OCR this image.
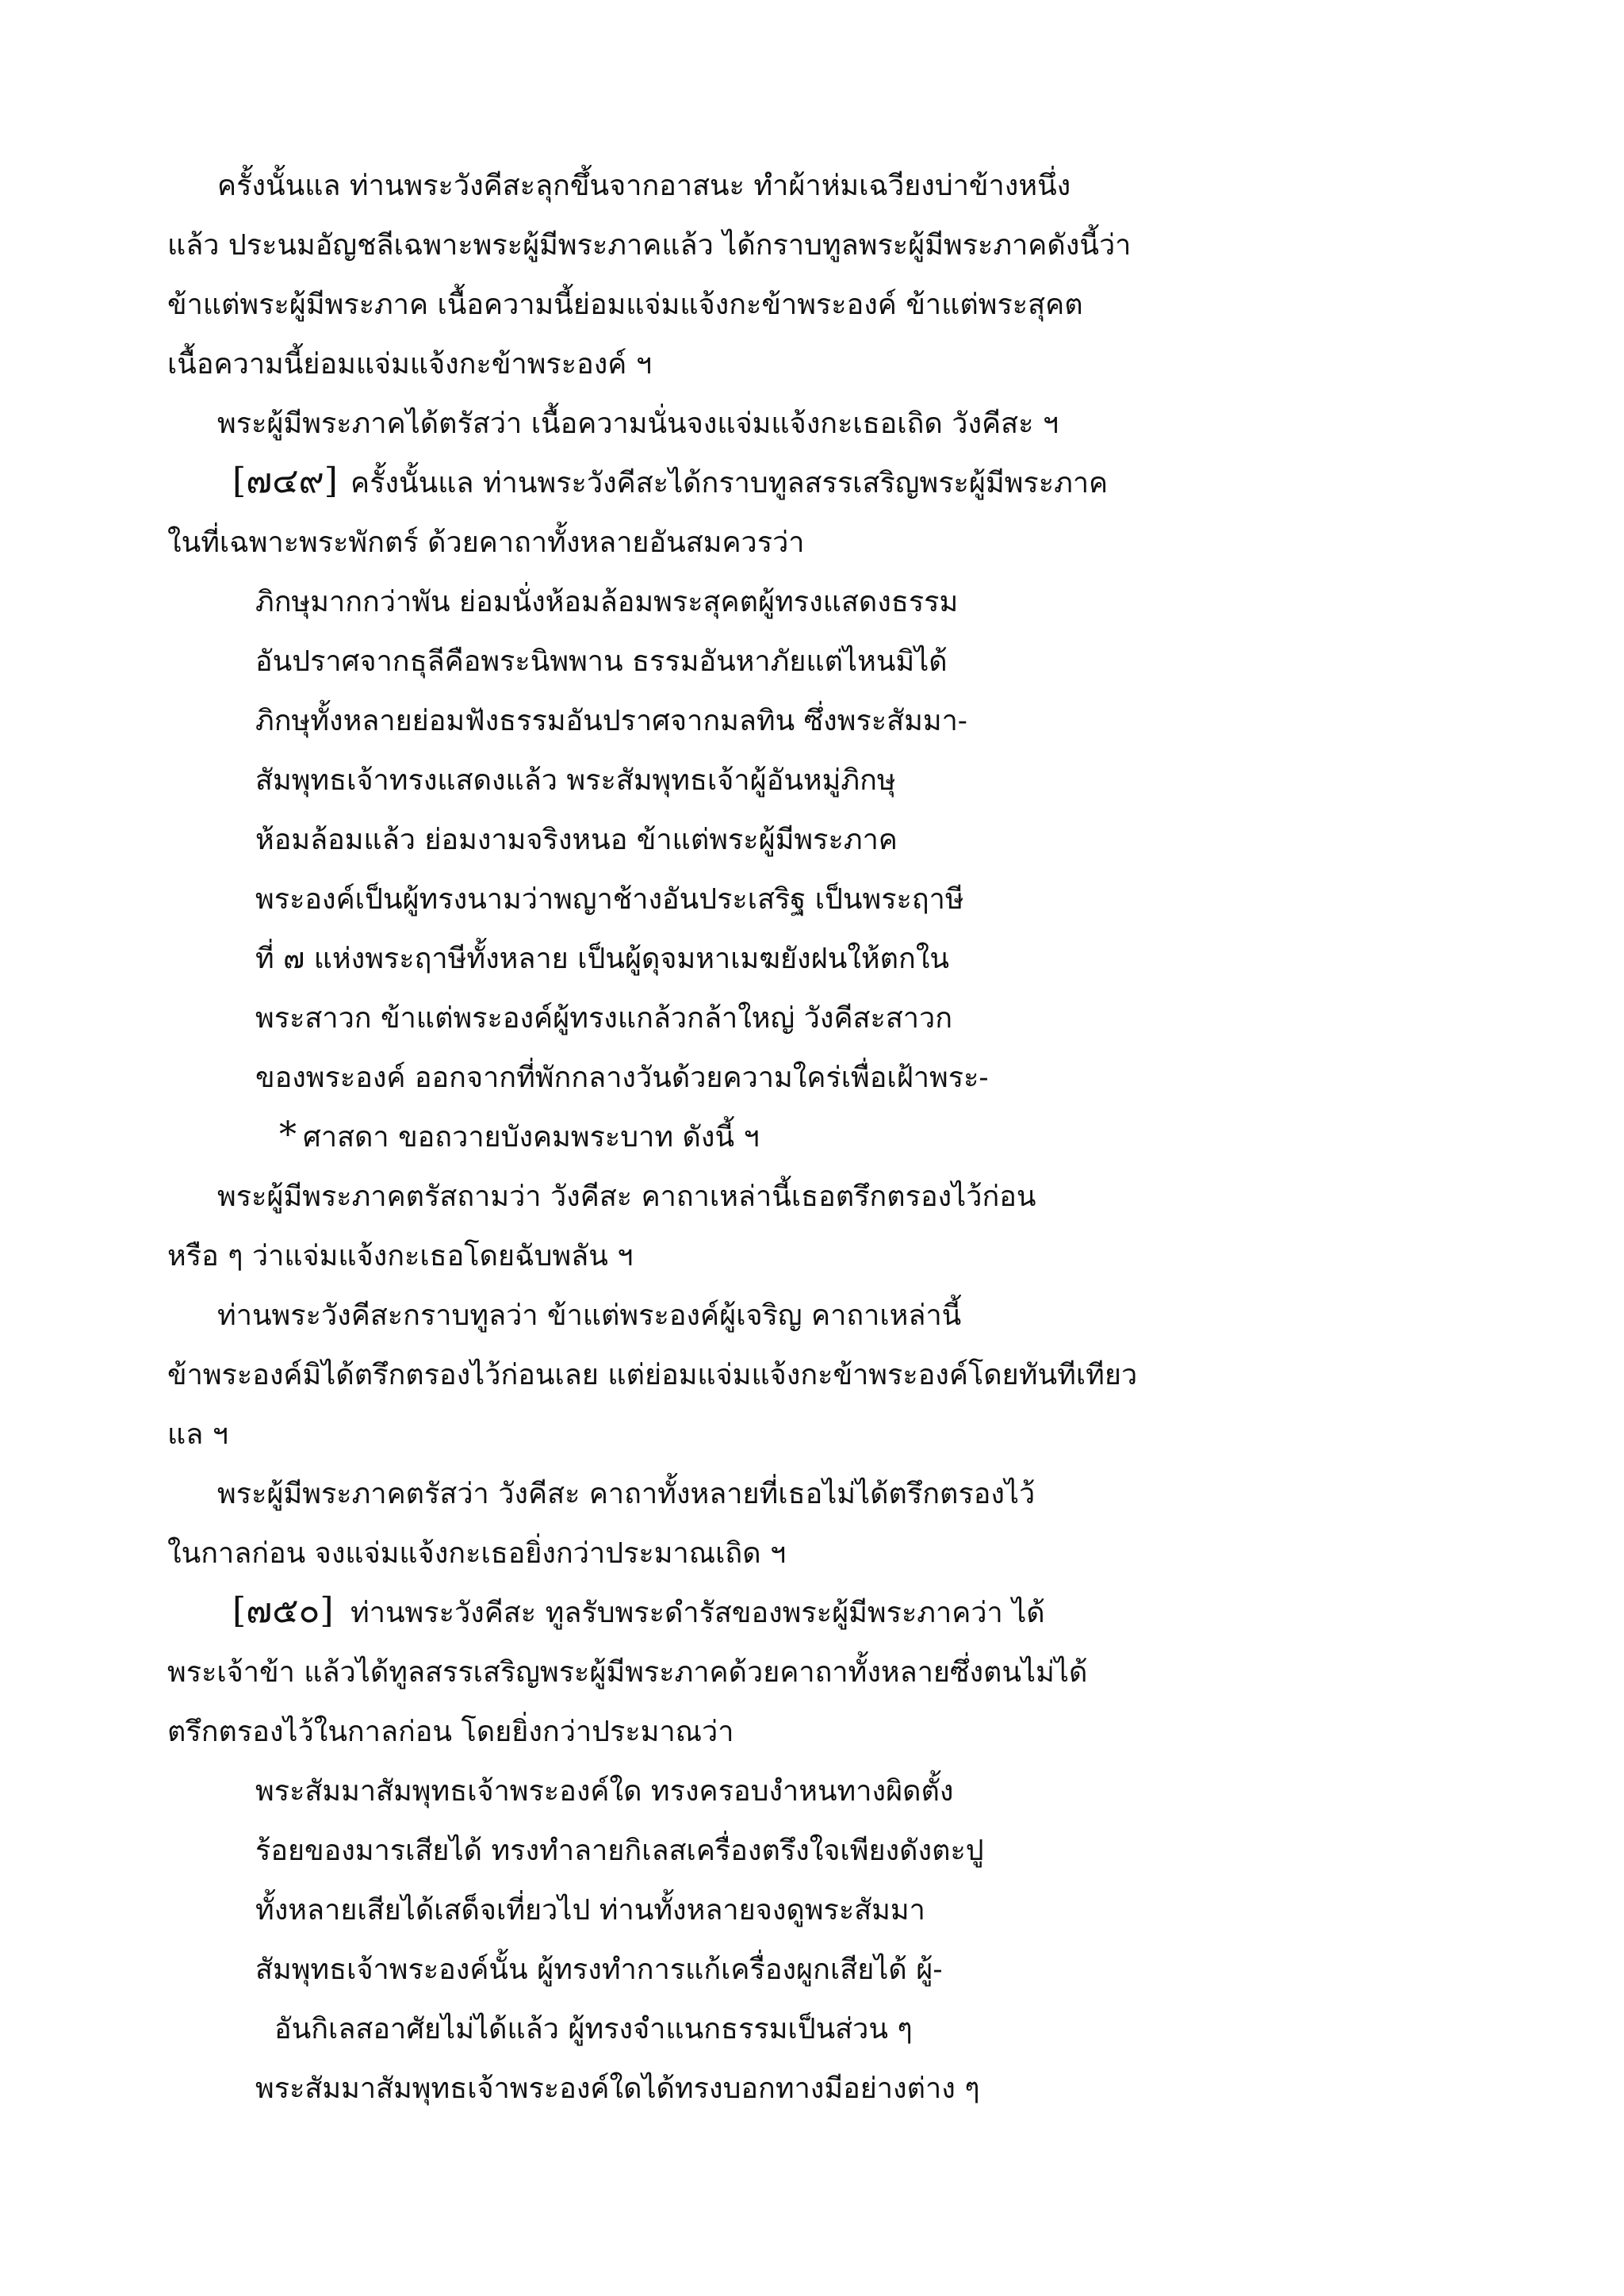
ครั้งนั้นแล ท่านพระวังคีสะลุกขึ้นจากอาสนะ ทำผ้าห่มเฉวียงบ่าข้างหนึ่ง
แล้ว ประนมอัญชลีเฉพาะพระผู้มีพระภาคแล้ว ได้กราบทูลพระผู้มีพระภาคดังนี้ว่า
ข้าแต่พระผู้มีพระภาค เนื้อความนี้ย่อมแจ่มแจ้งกะข้าพระองค์ ข้าแต่พระสุคต
เนื้อความนี้ย่อมแจ่มแจ้งกะข้าพระองค์ ฯ
พระผู้มีพระภาคได้ตรัสว่า เนื้อความนั่นจงแจ่มแจ้งกะเธอเถิด วังคีสะ ฯ
[๗๔๙] ครั้งนั้นแล ท่านพระวังคีสะได้กราบทูลสรรเสริญพระผู้มีพระภาค
ในที่เฉพาะพระพักตร์ ด้วยคาถาทั้งหลายอันสมควรว่า
ภิกษุมากกว่าพัน ย่อมนั่งห้อมล้อมพระสุคตผู้ทรงแสดงธรรม
อันปราศจากธุลีคือพระนิพพาน ธรรมอันหาภัยแต่ไหนมิได้
ภิกษุทั้งหลายย่อมฟังธรรมอันปราศจากมลทิน ซึ่งพระสัมมา-
สัมพุทธเจ้าทรงแสดงแล้ว พระสัมพุทธเจ้าผู้อันหมู่ภิกษุ
ห้อมล้อมแล้ว ย่อมงามจริงหนอ ข้าแต่พระผู้มีพระภาค
พระองค์เป็นผู้ทรงนามว่าพญาช้างอันประเสริฐ เป็นพระฤาษี
ที่ ๗ แห่งพระฤาษีทั้งหลาย เป็นผู้ดุจมหาเมฆยังฝนให้ตกใน
พระสาวก ข้าแต่พระองค์ผู้ทรงแกล้วกล้าใหญ่ วังคีสะสาวก
ของพระองค์ ออกจากที่พักกลางวันด้วยความใคร่เพื่อเฝ้าพระ-
* ศาสดา ขอถวายบังคมพระบาท ดังนี้ ฯ
พระผู้มีพระภาคตรัสถามว่า วังคีสะ คาถาเหล่านี้เธอตรึกตรองไว้ก่อน
หรือ ๆ ว่าแจ่มแจ้งกะเธอโดยฉับพลัน ฯ
ท่านพระวังคีสะกราบทูลว่า ข้าแต่พระองค์ผู้เจริญ คาถาเหล่านี้
ข้าพระองค์มิได้ตรึกตรองไว้ก่อนเลย แต่ย่อมแจ่มแจ้งกะข้าพระองค์โดยทันทีเทียว
แล ฯ
พระผู้มีพระภาคตรัสว่า วังคีสะ คาถาทั้งหลายที่เธอไม่ได้ตรึกตรองไว้
ในกาลก่อน จงแจ่มแจ้งกะเธอยิ่งกว่าประมาณเถิด ฯ
[๗๕๐] ท่านพระวังคีสะ ทูลรับพระดำรัสของพระผู้มีพระภาคว่า ได้
พระเจ้าข้า แล้วได้ทูลสรรเสริญพระผู้มีพระภาคด้วยคาถาทั้งหลายซึ่งตนไม่ได้
ตรึกตรองไว้ในกาลก่อน โดยยิ่งกว่าประมาณว่า
พระสัมมาสัมพุทธเจ้าพระองค์ใด ทรงครอบงำหนทางผิดตั้ง
ร้อยของมารเสียได้ ทรงทำลายกิเลสเครื่องตรึงใจเพียงดังตะปู
ทั้งหลายเสียได้เสด็จเที่ยวไป ท่านทั้งหลายจงดูพระสัมมา
สัมพุทธเจ้าพระองค์นั้น ผู้ทรงทำการแก้เครื่องผูกเสียได้ ผู้-
อันกิเลสอาศัยไม่ได้แล้ว ผู้ทรงจำแนกธรรมเป็นส่วน ๆ
พระสัมมาสัมพุทธเจ้าพระองค์ใดได้ทรงบอกทางมีอย่างต่าง ๆ
